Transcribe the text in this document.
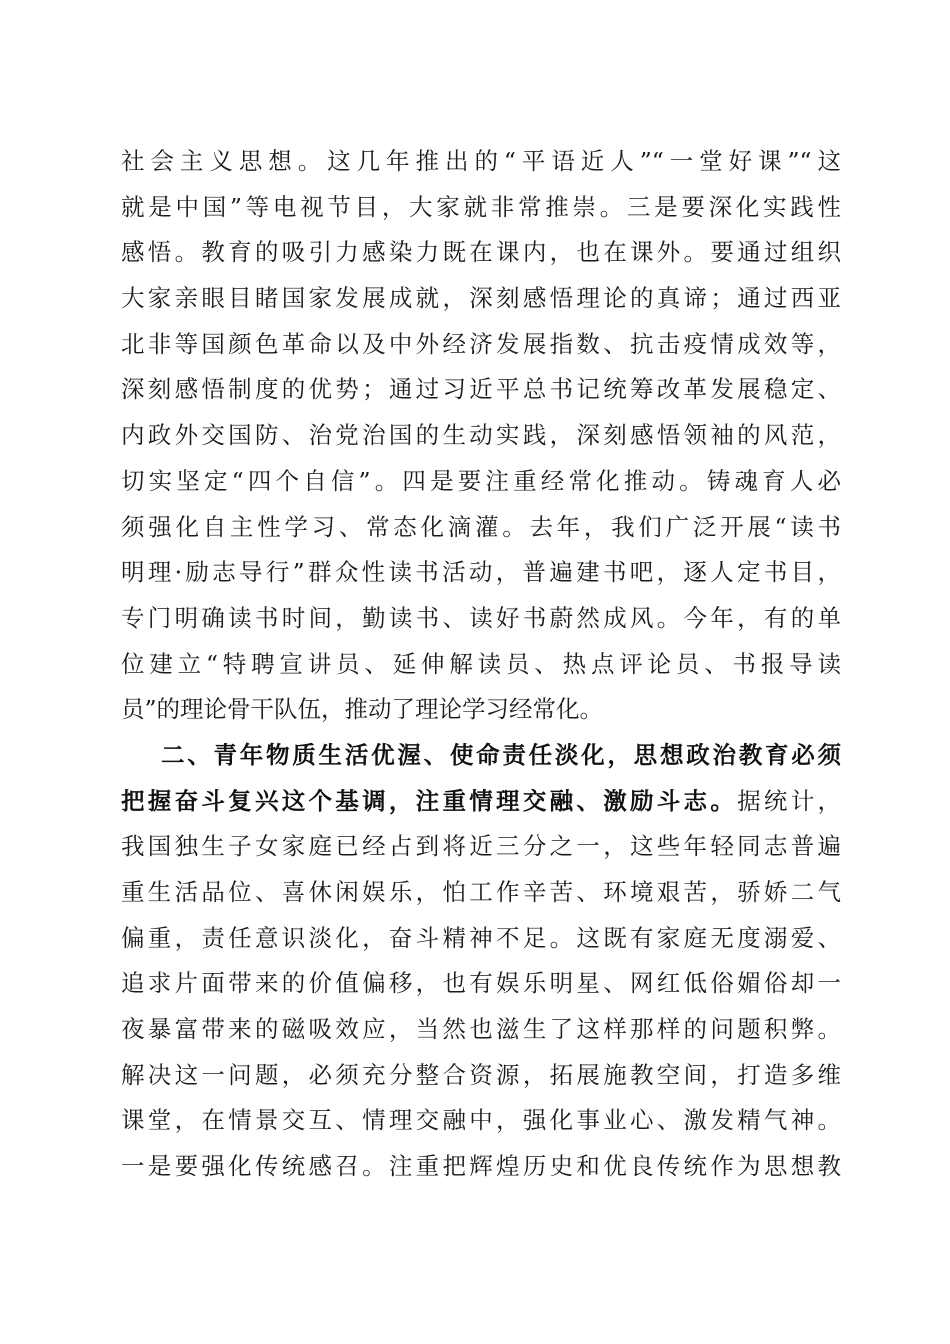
社会主义思想。这几年推出的“平语近人”“一堂好课”“这
就是中国”等电视节目，大家就非常推崇。三是要深化实践性
感悟。教育的吸引力感染力既在课内，也在课外。要通过组织
大家亲眼目睹国家发展成就，深刻感悟理论的真谛；通过西亚
北非等国颜色革命以及中外经济发展指数、抗击疫情成效等，
深刻感悟制度的优势；通过习近平总书记统筹改革发展稳定、
内政外交国防、治党治国的生动实践，深刻感悟领袖的风范，
切实坚定“四个自信”。四是要注重经常化推动。铸魂育人必
须强化自主性学习、常态化滴灌。去年，我们广泛开展“读书
明理·励志导行”群众性读书活动，普遍建书吧，逐人定书目，
专门明确读书时间，勤读书、读好书蔚然成风。今年，有的单
位建立“特聘宣讲员、延伸解读员、热点评论员、书报导读
员”的理论骨干队伍，推动了理论学习经常化。
二、青年物质生活优渥、使命责任淡化，思想政治教育必须
把握奋斗复兴这个基调，注重情理交融、激励斗志。据统计，
我国独生子女家庭已经占到将近三分之一，这些年轻同志普遍
重生活品位、喜休闲娱乐，怕工作辛苦、环境艰苦，骄娇二气
偏重，责任意识淡化，奋斗精神不足。这既有家庭无度溺爱、
追求片面带来的价值偏移，也有娱乐明星、网红低俗媚俗却一
夜暴富带来的磁吸效应，当然也滋生了这样那样的问题积弊。
解决这一问题，必须充分整合资源，拓展施教空间，打造多维
课堂，在情景交互、情理交融中，强化事业心、激发精气神。
一是要强化传统感召。注重把辉煌历史和优良传统作为思想教
